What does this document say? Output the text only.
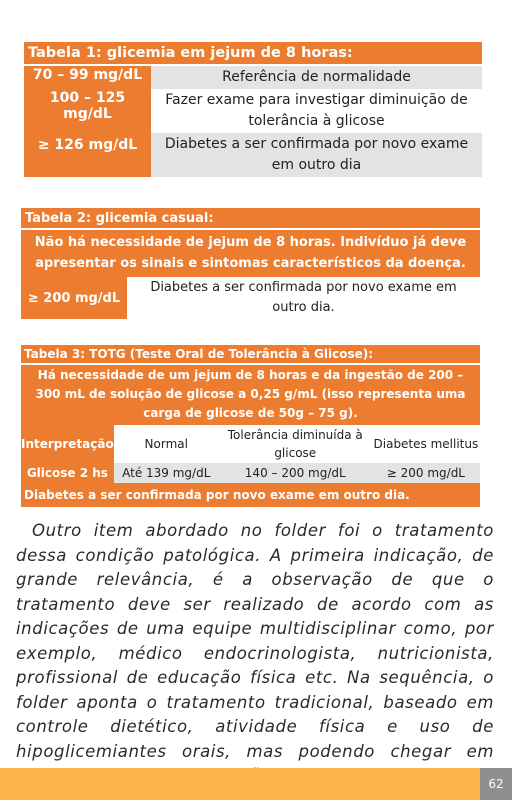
Tabela 1: glicemia em jejum de 8 horas:	
70 – 99 mg/dL	Referência de normalidade
100 – 125 mg/dL	Fazer exame para investigar diminuição de tolerância à glicose
≥ 126 mg/dL	Diabetes a ser confirmada por novo exame em outro dia
Tabela 2: glicemia casual:
Não há necessidade de jejum de 8 horas. Indivíduo já deve apresentar os sinais e sintomas característicos da doença.
≥ 200 mg/dL	Diabetes a ser confirmada por novo exame em outro dia.
Tabela 3: TOTG (Teste Oral de Tolerância à Glicose):			
Há necessidade de um jejum de 8 horas e da ingestão de 200 – 300 mL de solução de glicose a 0,25 g/mL (isso representa uma carga de glicose de 50g – 75 g).			
Interpretação	Normal	Tolerância diminuída à glicose	Diabetes mellitus
Glicose 2 hs	Até 139 mg/dL	140 – 200 mg/dL	≥ 200 mg/dL
Diabetes a ser confirmada por novo exame em outro dia.			

Outro item abordado no folder foi o tratamento dessa condição patológica. A primeira indicação, de grande relevância, é a observação de que o tratamento deve ser realizado de acordo com as indicações de uma equipe multidisciplinar como, por exemplo, médico endocrinologista, nutricionista, profissional de educação física etc. Na sequência, o folder aponta o tratamento tradicional, baseado em controle dietético, atividade física e uso de hipoglicemiantes orais, mas podendo chegar em

62
